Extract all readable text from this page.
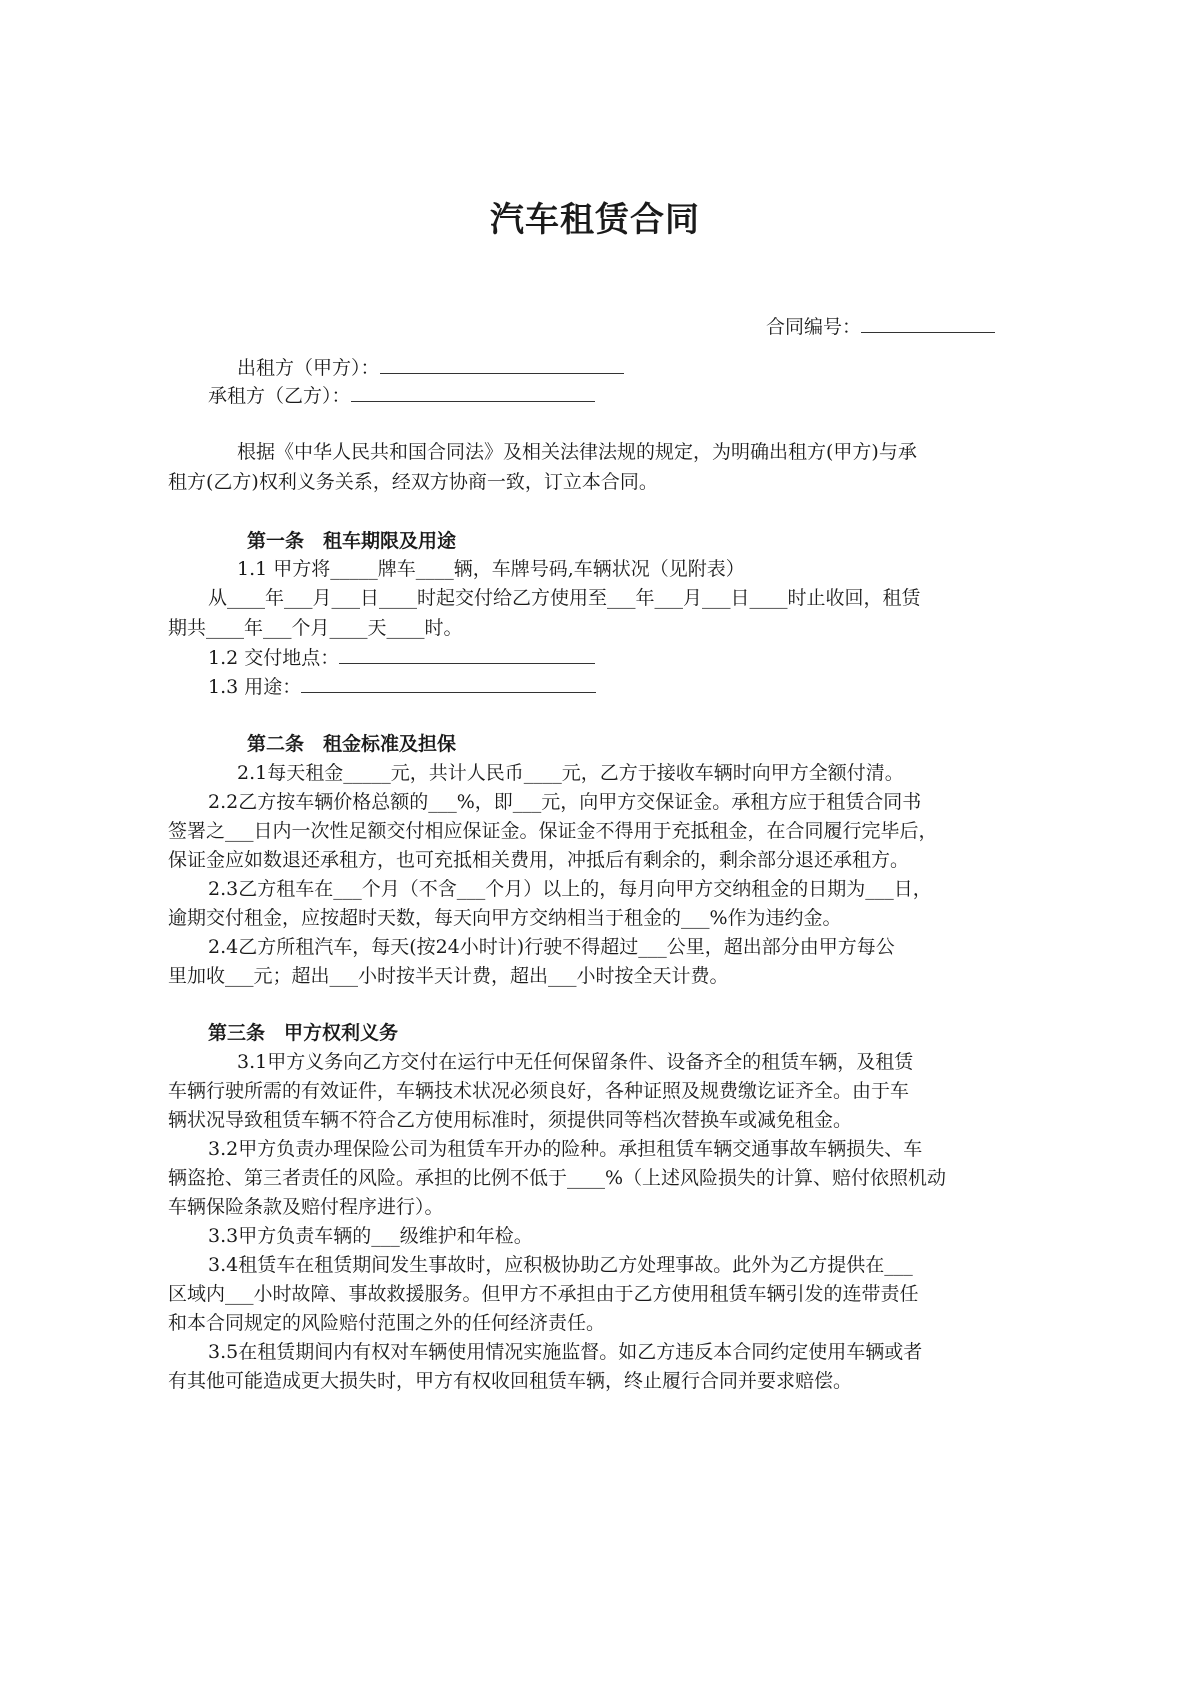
汽车租赁合同
合同编号：
出租方（甲方）：
承租方（乙方）：
根据《中华人民共和国合同法》及相关法律法规的规定，为明确出租方(甲方)与承
租方(乙方)权利义务关系，经双方协商一致，订立本合同。
第一条　租车期限及用途
1.1 甲方将_____牌车____辆，车牌号码,车辆状况（见附表）
从____年___月___日____时起交付给乙方使用至___年___月___日____时止收回，租赁
期共____年___个月____天____时。
1.2 交付地点：
1.3 用途：
第二条　租金标准及担保
2.1每天租金_____元，共计人民币____元，乙方于接收车辆时向甲方全额付清。
2.2乙方按车辆价格总额的___%，即___元，向甲方交保证金。承租方应于租赁合同书
签署之___日内一次性足额交付相应保证金。保证金不得用于充抵租金，在合同履行完毕后，
保证金应如数退还承租方，也可充抵相关费用，冲抵后有剩余的，剩余部分退还承租方。
2.3乙方租车在___个月（不含___个月）以上的，每月向甲方交纳租金的日期为___日，
逾期交付租金，应按超时天数，每天向甲方交纳相当于租金的___%作为违约金。
2.4乙方所租汽车，每天(按24小时计)行驶不得超过___公里，超出部分由甲方每公
里加收___元；超出___小时按半天计费，超出___小时按全天计费。
第三条　甲方权利义务
3.1甲方义务向乙方交付在运行中无任何保留条件、设备齐全的租赁车辆，及租赁
车辆行驶所需的有效证件，车辆技术状况必须良好，各种证照及规费缴讫证齐全。由于车
辆状况导致租赁车辆不符合乙方使用标准时，须提供同等档次替换车或减免租金。
3.2甲方负责办理保险公司为租赁车开办的险种。承担租赁车辆交通事故车辆损失、车
辆盗抢、第三者责任的风险。承担的比例不低于____%（上述风险损失的计算、赔付依照机动
车辆保险条款及赔付程序进行）。
3.3甲方负责车辆的___级维护和年检。
3.4租赁车在租赁期间发生事故时，应积极协助乙方处理事故。此外为乙方提供在___
区域内___小时故障、事故救援服务。但甲方不承担由于乙方使用租赁车辆引发的连带责任
和本合同规定的风险赔付范围之外的任何经济责任。
3.5在租赁期间内有权对车辆使用情况实施监督。如乙方违反本合同约定使用车辆或者
有其他可能造成更大损失时，甲方有权收回租赁车辆，终止履行合同并要求赔偿。
